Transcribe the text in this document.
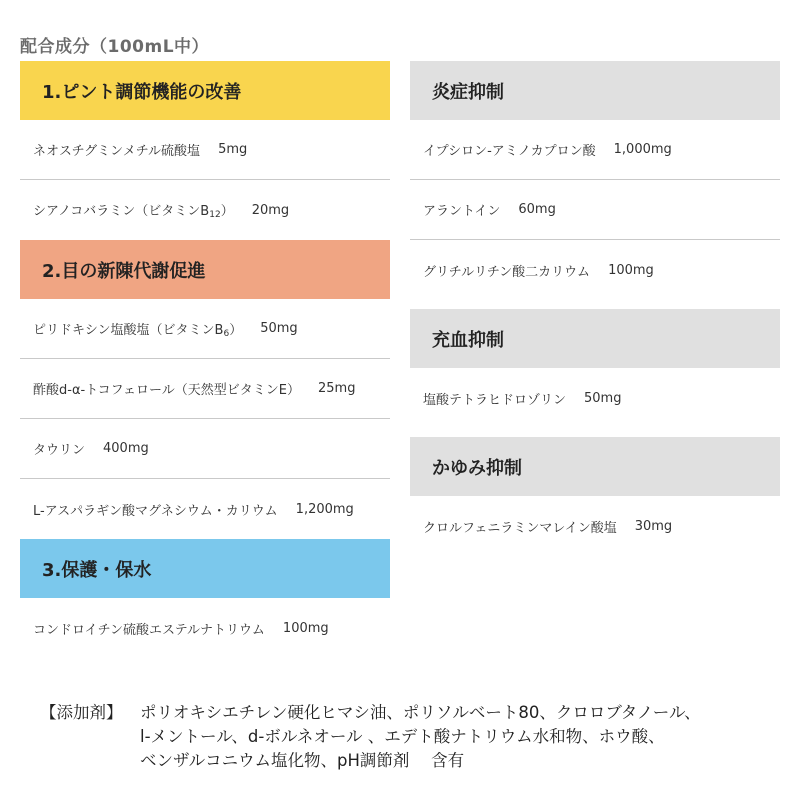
配合成分（100mL中）
1.ピント調節機能の改善
ネオスチグミンメチル硫酸塩 5mg
シアノコバラミン（ビタミン$B_{12}$） 20mg
2.目の新陳代謝促進
ピリドキシン塩酸塩（ビタミン$B_6$） 50mg
酢酸d-α-トコフェロール（天然型ビタミンE） 25mg
タウリン 400mg
L-アスパラギン酸マグネシウム・カリウム 1,200mg
3.保護・保水
コンドロイチン硫酸エステルナトリウム 100mg
炎症抑制
イプシロン-アミノカプロン酸 1,000mg
アラントイン 60mg
グリチルリチン酸二カリウム 100mg
充血抑制
塩酸テトラヒドロゾリン 50mg
かゆみ抑制
クロルフェニラミンマレイン酸塩 30mg
【添加剤】	ポリオキシエチレン硬化ヒマシ油、ポリソルベート80、クロロブタノール、
l-メントール、d-ボルネオール 、エデト酸ナトリウム水和物、ホウ酸、
ベンザルコニウム塩化物、pH調節剤　 含有
